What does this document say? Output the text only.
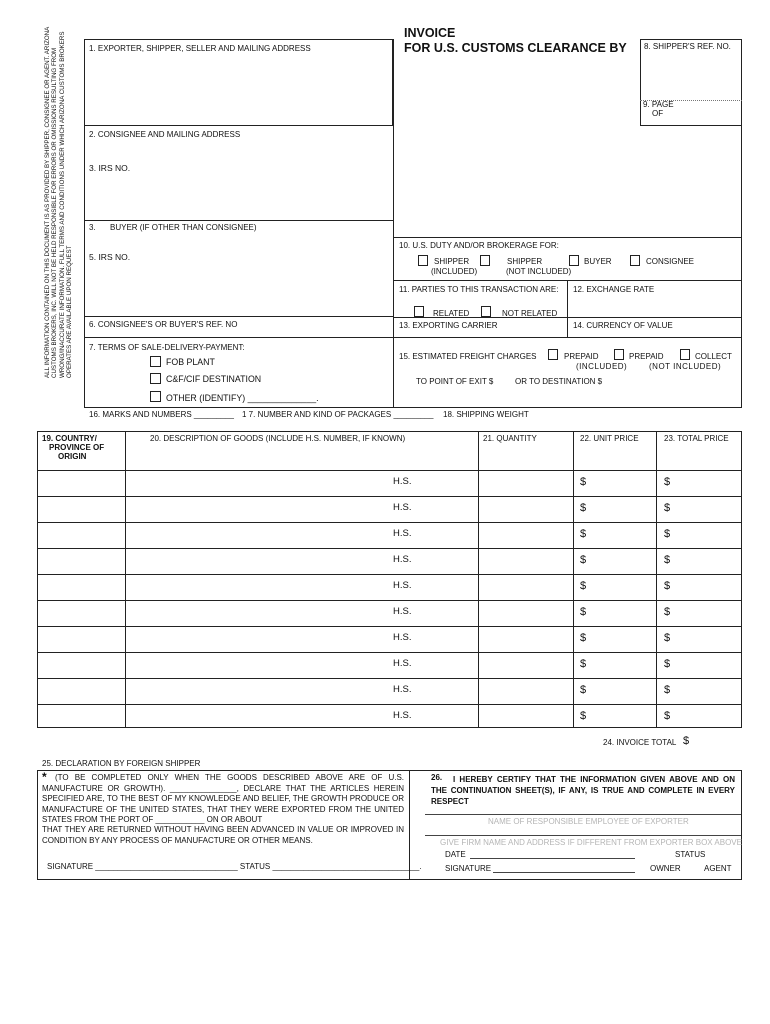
ALL INFORMATION CONTAINED ON THIS DOCUMENT IS AS PROVIDED BY SHIPPER, CONSIGNEE OR AGENT. ARIZONA CUSTOMS BROKERS, INC. WILL NOT BE HELD RESPONSIBLE FOR ERRORS OR OMISSIONS RESULTING FROM WRONG/INACCURATE INFORMATION. FULL TERMS AND CONDITIONS UNDER WHICH ARIZONA CUSTOMS BROKERS OPERATES ARE AVAILABLE UPON REQUEST
INVOICE
FOR U.S. CUSTOMS CLEARANCE BY
1. EXPORTER, SHIPPER, SELLER AND MAILING ADDRESS	8. SHIPPER'S REF. NO.
9. PAGE
OF
2. CONSIGNEE AND MAILING ADDRESS
3. IRS NO.
3. BUYER (IF OTHER THAN CONSIGNEE)
5. IRS NO.
10. U.S. DUTY AND/OR BROKERAGE FOR:
SHIPPER
(INCLUDED)
SHIPPER
(NOT INCLUDED)
BUYER	CONSIGNEE
11. PARTIES TO THIS TRANSACTION ARE: 12. EXCHANGE RATE
RELATED	NOT RELATED
6. CONSIGNEE'S OR BUYER'S REF. NO	13. EXPORTING CARRIER	14. CURRENCY OF VALUE
7. TERMS OF SALE-DELIVERY-PAYMENT:
FOB PLANT
C&F/CIF DESTINATION
OTHER (IDENTIFY) ______________.
15. ESTIMATED FREIGHT CHARGES	PREPAID	PREPAID	COLLECT
(INCLUDED)	(NOT INCLUDED)
TO POINT OF EXIT $	OR TO DESTINATION $
16. MARKS AND NUMBERS _________ 1 7. NUMBER AND KIND OF PACKAGES _________ 18. SHIPPING WEIGHT
19. COUNTRY/
PROVINCE OF
ORIGIN
20. DESCRIPTION OF GOODS (INCLUDE H.S. NUMBER, IF KNOWN)	21. QUANTITY	22. UNIT PRICE	23. TOTAL PRICE
H.S.	$	$
H.S.	$	$
H.S.	$	$
H.S.	$	$
H.S.	$	$
H.S.	$	$
H.S.	$	$
H.S.	$	$
H.S.	$	$
H.S.	$	$
24. INVOICE TOTAL $
25. DECLARATION BY FOREIGN SHIPPER
*	(TO BE COMPLETED ONLY WHEN THE GOODS DESCRIBED ABOVE ARE OF U.S. MANUFACTURE OR GROWTH). _______________, DECLARE THAT THE ARTICLES HEREIN SPECIFIED ARE, TO THE BEST OF MY KNOWLEDGE AND BELIEF, THE GROWTH PRODUCE OR MANUFACTURE OF THE UNITED STATES, THAT THEY WERE EXPORTED FROM THE UNITED STATES FROM THE PORT OF ___________ ON OR ABOUT
THAT THEY ARE RETURNED WITHOUT HAVING BEEN ADVANCED IN VALUE OR IMPROVED IN CONDITION BY ANY PROCESS OF MANUFACTURE OR OTHER MEANS.
SIGNATURE ________________________________ STATUS _________________________________.
26.	I HEREBY CERTIFY THAT THE INFORMATION GIVEN ABOVE AND ON THE CONTINUATION SHEET(S), IF ANY, IS TRUE AND COMPLETE IN EVERY RESPECT
NAME OF RESPONSIBLE EMPLOYEE OF EXPORTER
GIVE FIRM NAME AND ADDRESS IF DIFFERENT FROM EXPORTER BOX ABOVE
DATE	STATUS
SIGNATURE	OWNER	AGENT
